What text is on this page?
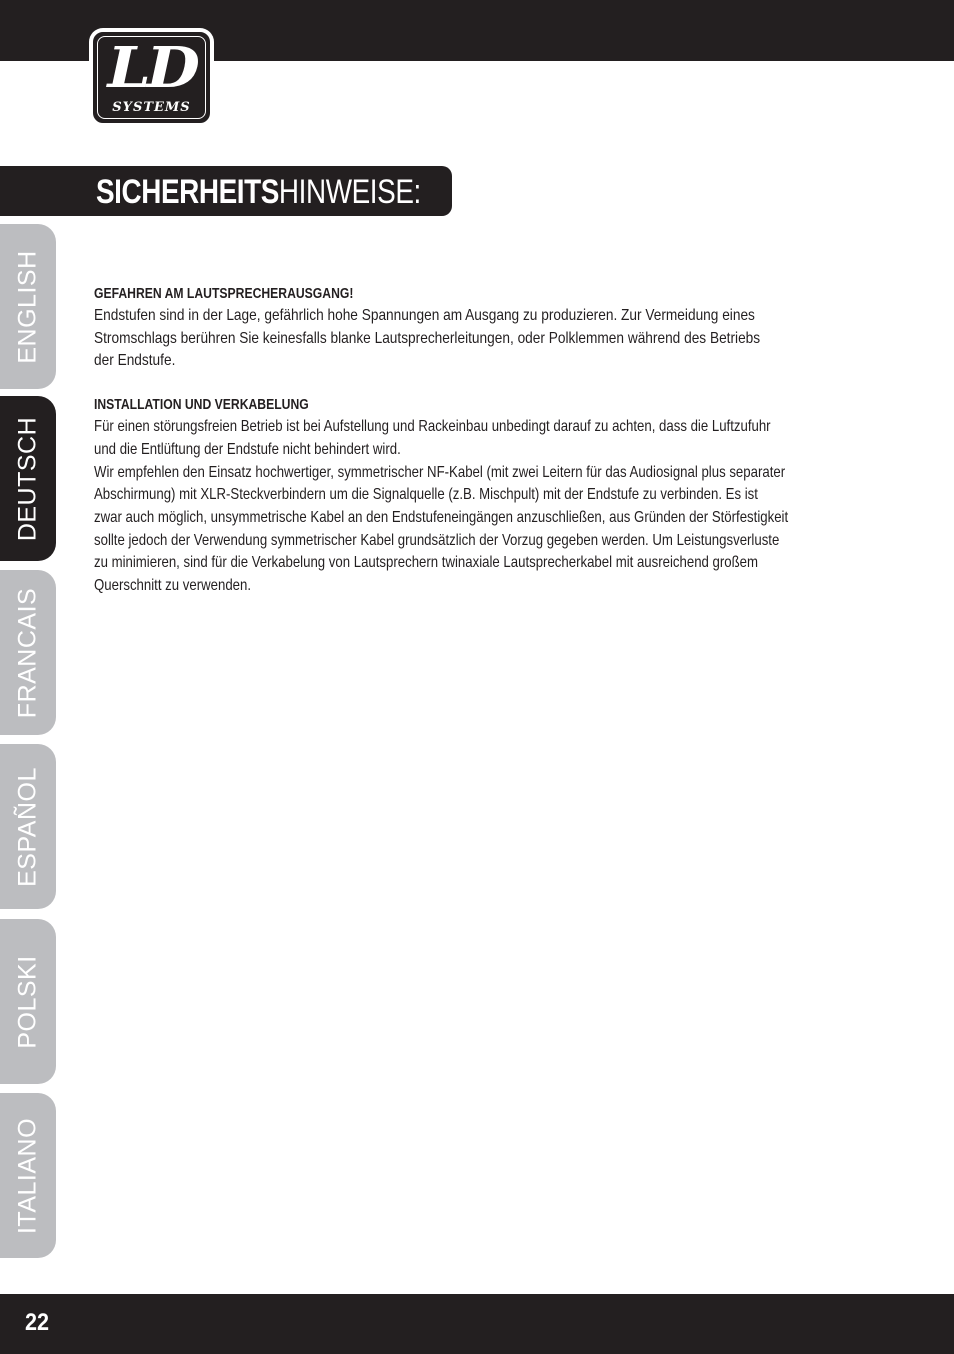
LD
SYSTEMS
SICHERHEITSHINWEISE:
ENGLISH
DEUTSCH
FRANCAIS
ESPAÑOL
POLSKI
ITALIANO

GEFAHREN AM LAUTSPRECHERAUSGANG!

Endstufen sind in der Lage, gefährlich hohe Spannungen am Ausgang zu produzieren. Zur Vermeidung eines

Stromschlags berühren Sie keinesfalls blanke Lautsprecherleitungen, oder Polklemmen während des Betriebs

der Endstufe.

INSTALLATION UND VERKABELUNG

Für einen störungsfreien Betrieb ist bei Aufstellung und Rackeinbau unbedingt darauf zu achten, dass die Luftzufuhr

und die Entlüftung der Endstufe nicht behindert wird.

Wir empfehlen den Einsatz hochwertiger, symmetrischer NF-Kabel (mit zwei Leitern für das Audiosignal plus separater

Abschirmung) mit XLR-Steckverbindern um die Signalquelle (z.B. Mischpult) mit der Endstufe zu verbinden. Es ist

zwar auch möglich, unsymmetrische Kabel an den Endstufeneingängen anzuschließen, aus Gründen der Störfestigkeit

sollte jedoch der Verwendung symmetrischer Kabel grundsätzlich der Vorzug gegeben werden. Um Leistungsverluste

zu minimieren, sind für die Verkabelung von Lautsprechern twinaxiale Lautsprecherkabel mit ausreichend großem

Querschnitt zu verwenden.

22
